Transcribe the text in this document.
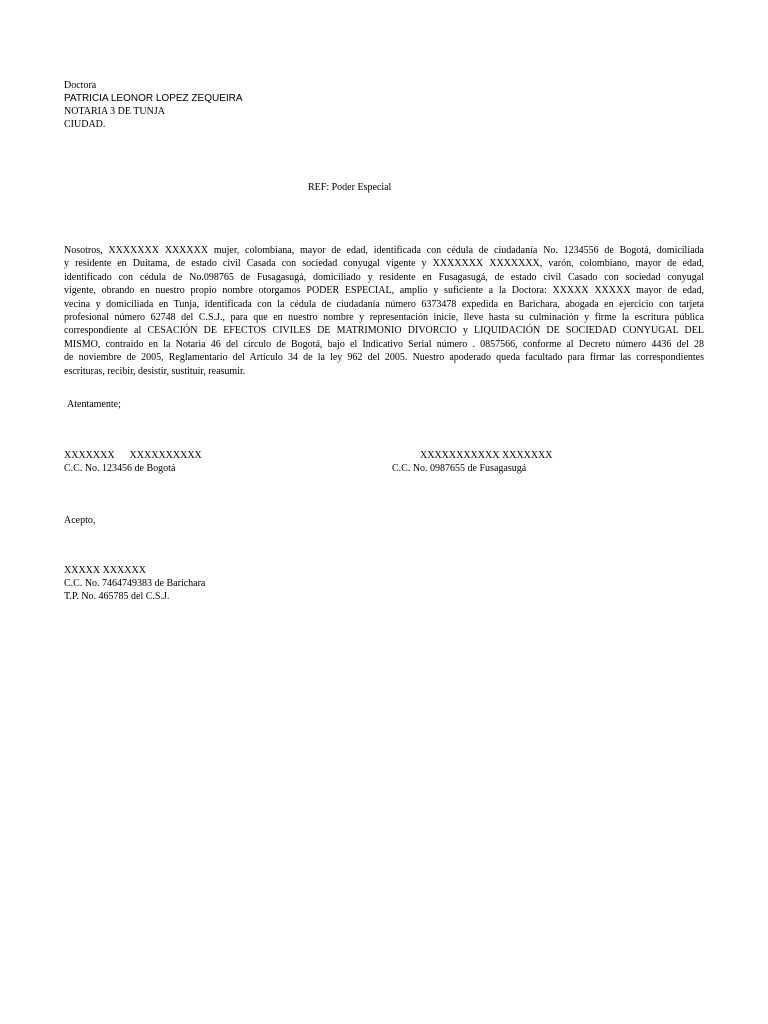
Doctora
PATRICIA LEONOR LOPEZ ZEQUEIRA
NOTARIA 3 DE TUNJA
CIUDAD.
REF: Poder Especial
Nosotros, XXXXXXX XXXXXX mujer, colombiana, mayor de edad, identificada con cédula de ciudadanía No. 1234556 de Bogotá, domiciliada
y residente en Duitama, de estado civil Casada con sociedad conyugal vigente y XXXXXXX XXXXXXX, varón, colombiano, mayor de edad,
identificado con cédula de No.098765 de Fusagasugá, domiciliado y residente en Fusagasugá, de estado civil Casado con sociedad conyugal
vigente, obrando en nuestro propio nombre otorgamos PODER ESPECIAL, amplio y suficiente a la Doctora: XXXXX XXXXX mayor de edad,
vecina y domiciliada en Tunja, identificada con la cédula de ciudadanía número 6373478 expedida en Barichara, abogada en ejercicio con tarjeta
profesional número 62748 del C.S.J., para que en nuestro nombre y representación inicie, lleve hasta su culminación y firme la escritura pública
correspondiente al CESACIÓN DE EFECTOS CIVILES DE MATRIMONIO DIVORCIO y LIQUIDACIÓN DE SOCIEDAD CONYUGAL DEL
MISMO, contraído en la Notaria 46 del círculo de Bogotá, bajo el Indicativo Serial número . 0857566, conforme al Decreto número 4436 del 28
de noviembre de 2005, Reglamentario del Artículo 34 de la ley 962 del 2005. Nuestro apoderado queda facultado para firmar las correspondientes
escrituras, recibir, desistir, sustituir, reasumir.
Atentamente;
XXXXXXX      XXXXXXXXXX
C.C. No. 123456 de Bogotá
XXXXXXXXXXX XXXXXXX
C.C. No. 0987655 de Fusagasugá
Acepto,
XXXXX XXXXXX
C.C. No. 7464749383 de Barichara
T.P. No. 465785 del C.S.J.
